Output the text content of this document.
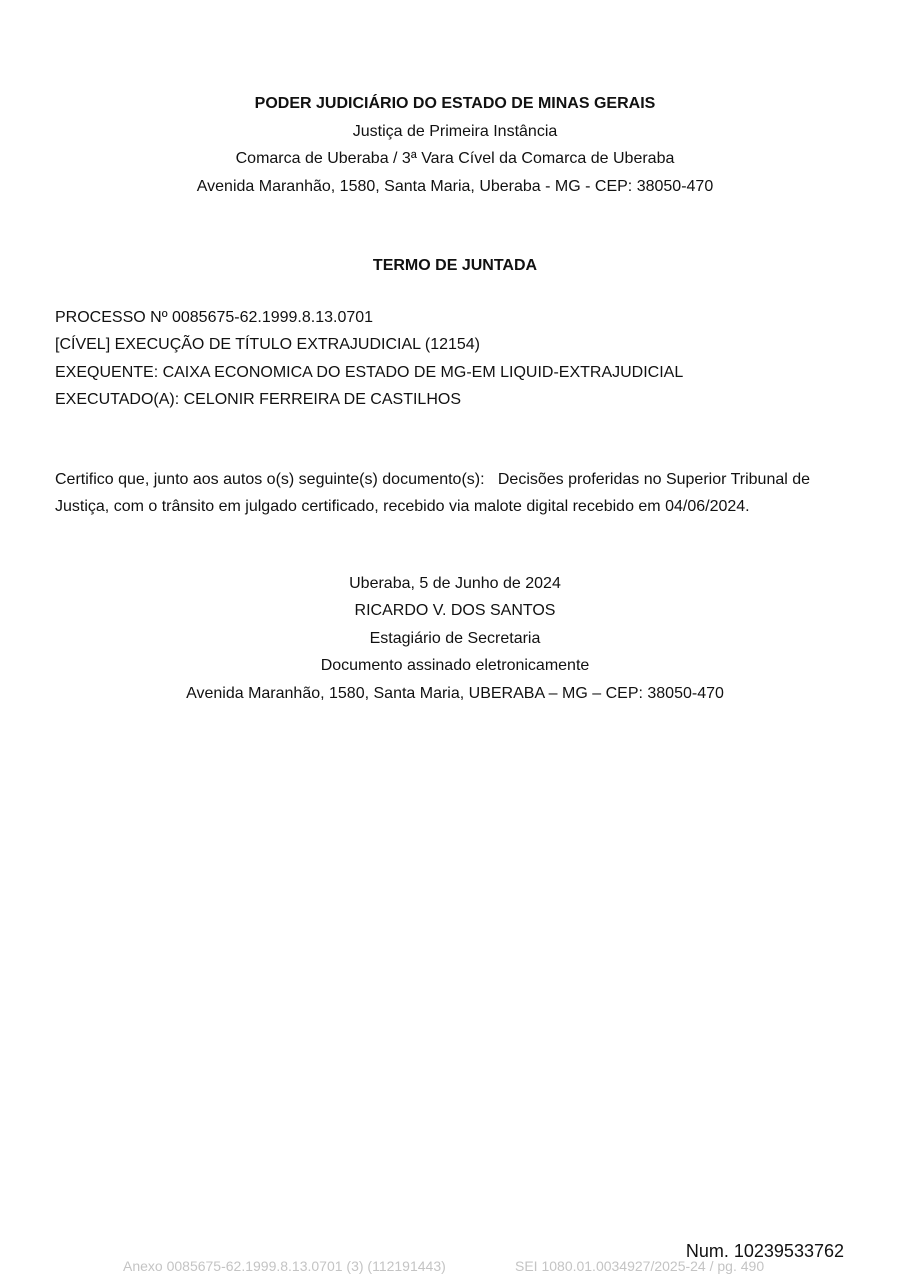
PODER JUDICIÁRIO DO ESTADO DE MINAS GERAIS
Justiça de Primeira Instância
Comarca de Uberaba / 3ª Vara Cível da Comarca de Uberaba
Avenida Maranhão, 1580, Santa Maria, Uberaba - MG - CEP: 38050-470
TERMO DE JUNTADA
PROCESSO Nº 0085675-62.1999.8.13.0701
[CÍVEL] EXECUÇÃO DE TÍTULO EXTRAJUDICIAL (12154)
EXEQUENTE: CAIXA ECONOMICA DO ESTADO DE MG-EM LIQUID-EXTRAJUDICIAL
EXECUTADO(A): CELONIR FERREIRA DE CASTILHOS
Certifico que, junto aos autos o(s) seguinte(s) documento(s):   Decisões proferidas no Superior Tribunal de
Justiça, com o trânsito em julgado certificado, recebido via malote digital recebido em 04/06/2024.
Uberaba, 5 de Junho de 2024
RICARDO V. DOS SANTOS
Estagiário de Secretaria
Documento assinado eletronicamente
Avenida Maranhão, 1580, Santa Maria, UBERABA – MG – CEP: 38050-470
Num. 10239533762
Anexo 0085675-62.1999.8.13.0701 (3) (112191443)	SEI 1080.01.0034927/2025-24 / pg. 490
